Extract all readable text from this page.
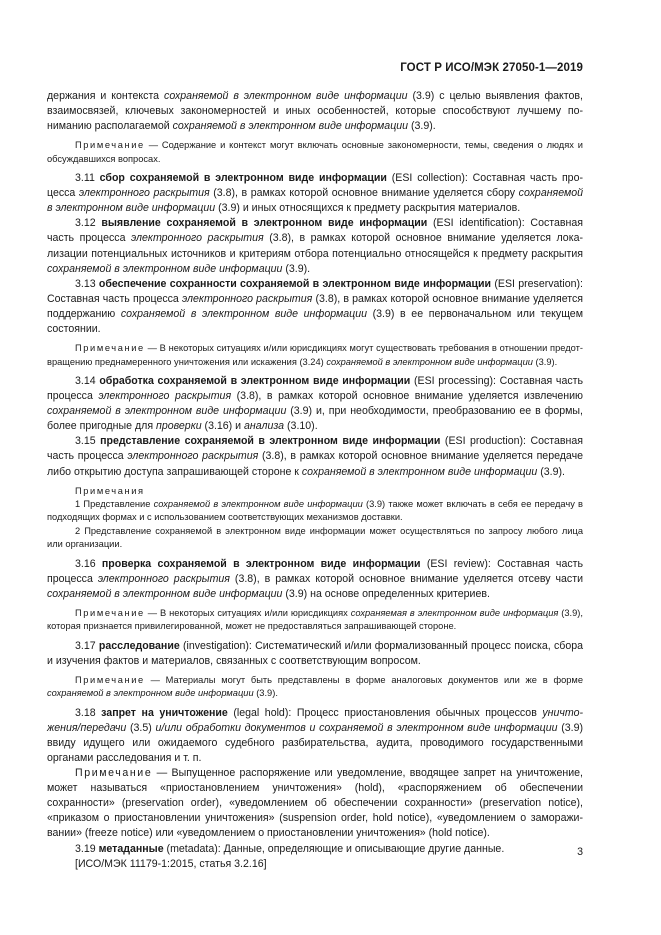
ГОСТ Р ИСО/МЭК 27050-1—2019

держания и контекста сохраняемой в электронном виде информации (3.9) с целью выявления фактов, взаимосвязей, ключевых закономерностей и иных особенностей, которые способствуют лучшему пониманию располагаемой сохраняемой в электронном виде информации (3.9).

Примечание — Содержание и контекст могут включать основные закономерности, темы, сведения о людях и обсуждавшихся вопросах.

3.11 сбор сохраняемой в электронном виде информации (ESI collection): Составная часть процесса электронного раскрытия (3.8), в рамках которой основное внимание уделяется сбору сохраняемой в электронном виде информации (3.9) и иных относящихся к предмету раскрытия материалов.

3.12 выявление сохраняемой в электронном виде информации (ESI identification): Составная часть процесса электронного раскрытия (3.8), в рамках которой основное внимание уделяется локализации потенциальных источников и критериям отбора потенциально относящейся к предмету раскрытия сохраняемой в электронном виде информации (3.9).

3.13 обеспечение сохранности сохраняемой в электронном виде информации (ESI preservation): Составная часть процесса электронного раскрытия (3.8), в рамках которой основное внимание уделяется поддержанию сохраняемой в электронном виде информации (3.9) в ее первоначальном или текущем состоянии.

Примечание — В некоторых ситуациях и/или юрисдикциях могут существовать требования в отношении предотвращению преднамеренного уничтожения или искажения (3.24) сохраняемой в электронном виде информации (3.9).

3.14 обработка сохраняемой в электронном виде информации (ESI processing): Составная часть процесса электронного раскрытия (3.8), в рамках которой основное внимание уделяется извлечению сохраняемой в электронном виде информации (3.9) и, при необходимости, преобразованию ее в формы, более пригодные для проверки (3.16) и анализа (3.10).

3.15 представление сохраняемой в электронном виде информации (ESI production): Составная часть процесса электронного раскрытия (3.8), в рамках которой основное внимание уделяется передаче либо открытию доступа запрашивающей стороне к сохраняемой в электронном виде информации (3.9).

Примечания

1 Представление сохраняемой в электронном виде информации (3.9) также может включать в себя ее передачу в подходящих формах и с использованием соответствующих механизмов доставки.

2 Представление сохраняемой в электронном виде информации может осуществляться по запросу любого лица или организации.

3.16 проверка сохраняемой в электронном виде информации (ESI review): Составная часть процесса электронного раскрытия (3.8), в рамках которой основное внимание уделяется отсеву части сохраняемой в электронном виде информации (3.9) на основе определенных критериев.

Примечание — В некоторых ситуациях и/или юрисдикциях сохраняемая в электронном виде информация (3.9), которая признается привилегированной, может не предоставляться запрашивающей стороне.

3.17 расследование (investigation): Систематический и/или формализованный процесс поиска, сбора и изучения фактов и материалов, связанных с соответствующим вопросом.

Примечание — Материалы могут быть представлены в форме аналоговых документов или же в форме сохраняемой в электронном виде информации (3.9).

3.18 запрет на уничтожение (legal hold): Процесс приостановления обычных процессов уничтожения/передачи (3.5) и/или обработки документов и сохраняемой в электронном виде информации (3.9) ввиду идущего или ожидаемого судебного разбирательства, аудита, проводимого государственными органами расследования и т. п.

Примечание — Выпущенное распоряжение или уведомление, вводящее запрет на уничтожение, может называться «приостановлением уничтожения» (hold), «распоряжением об обеспечении сохранности» (preservation order), «уведомлением об обеспечении сохранности» (preservation notice), «приказом о приостановлении уничтожения» (suspension order, hold notice), «уведомлением о замораживании» (freeze notice) или «уведомлением о приостановлении уничтожения» (hold notice).

3.19 метаданные (metadata): Данные, определяющие и описывающие другие данные.

[ИСО/МЭК 11179-1:2015, статья 3.2.16]

3
